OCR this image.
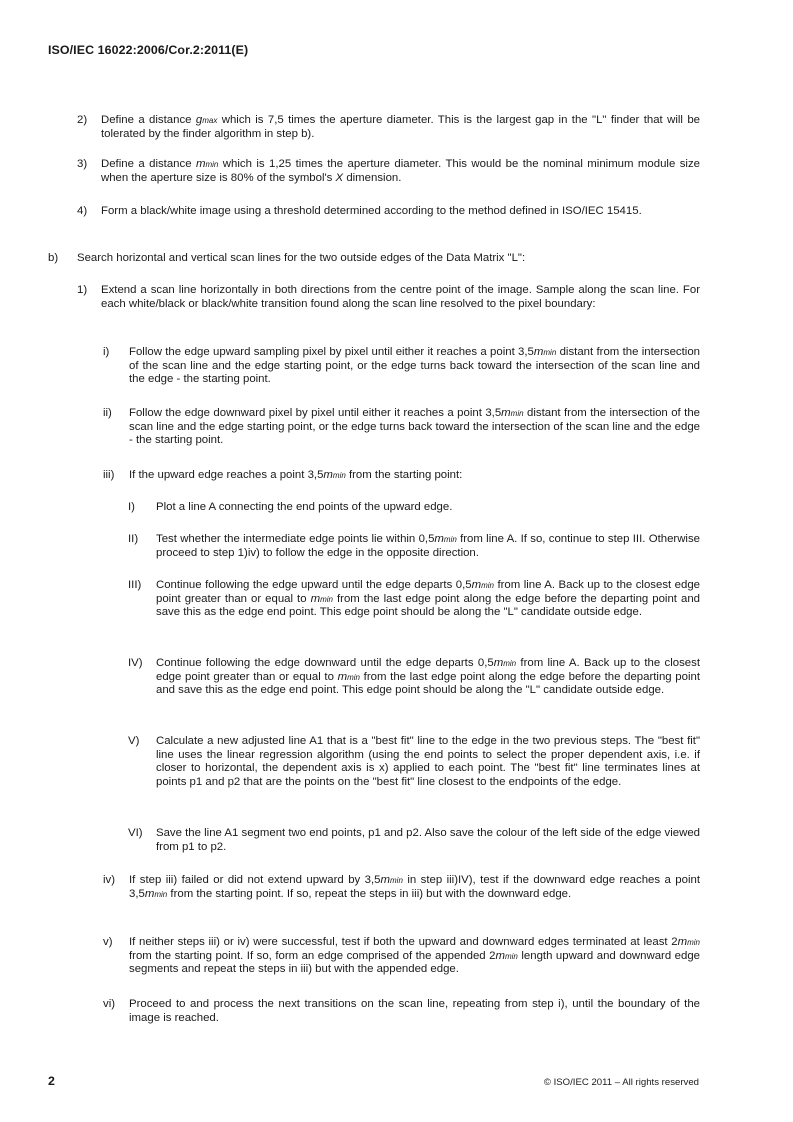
ISO/IEC 16022:2006/Cor.2:2011(E)
2)	Define a distance gmax which is 7,5 times the aperture diameter. This is the largest gap in the "L" finder that will be tolerated by the finder algorithm in step b).
3)	Define a distance mmin which is 1,25 times the aperture diameter. This would be the nominal minimum module size when the aperture size is 80% of the symbol's X dimension.
4)	Form a black/white image using a threshold determined according to the method defined in ISO/IEC 15415.
b)	Search horizontal and vertical scan lines for the two outside edges of the Data Matrix "L":
1)	Extend a scan line horizontally in both directions from the centre point of the image. Sample along the scan line. For each white/black or black/white transition found along the scan line resolved to the pixel boundary:
i)	Follow the edge upward sampling pixel by pixel until either it reaches a point 3,5mmin distant from the intersection of the scan line and the edge starting point, or the edge turns back toward the intersection of the scan line and the edge - the starting point.
ii)	Follow the edge downward pixel by pixel until either it reaches a point 3,5mmin distant from the intersection of the scan line and the edge starting point, or the edge turns back toward the intersection of the scan line and the edge - the starting point.
iii)	If the upward edge reaches a point 3,5mmin from the starting point:
I)	Plot a line A connecting the end points of the upward edge.
II)	Test whether the intermediate edge points lie within 0,5mmin from line A. If so, continue to step III. Otherwise proceed to step 1)iv) to follow the edge in the opposite direction.
III)	Continue following the edge upward until the edge departs 0,5mmin from line A. Back up to the closest edge point greater than or equal to mmin from the last edge point along the edge before the departing point and save this as the edge end point. This edge point should be along the "L" candidate outside edge.
IV)	Continue following the edge downward until the edge departs 0,5mmin from line A. Back up to the closest edge point greater than or equal to mmin from the last edge point along the edge before the departing point and save this as the edge end point. This edge point should be along the "L" candidate outside edge.
V)	Calculate a new adjusted line A1 that is a "best fit" line to the edge in the two previous steps. The "best fit" line uses the linear regression algorithm (using the end points to select the proper dependent axis, i.e. if closer to horizontal, the dependent axis is x) applied to each point. The "best fit" line terminates lines at points p1 and p2 that are the points on the "best fit" line closest to the endpoints of the edge.
VI)	Save the line A1 segment two end points, p1 and p2. Also save the colour of the left side of the edge viewed from p1 to p2.
iv)	If step iii) failed or did not extend upward by 3,5mmin in step iii)IV), test if the downward edge reaches a point 3,5mmin from the starting point. If so, repeat the steps in iii) but with the downward edge.
v)	If neither steps iii) or iv) were successful, test if both the upward and downward edges terminated at least 2mmin from the starting point. If so, form an edge comprised of the appended 2mmin length upward and downward edge segments and repeat the steps in iii) but with the appended edge.
vi)	Proceed to and process the next transitions on the scan line, repeating from step i), until the boundary of the image is reached.
2	© ISO/IEC 2011 – All rights reserved
